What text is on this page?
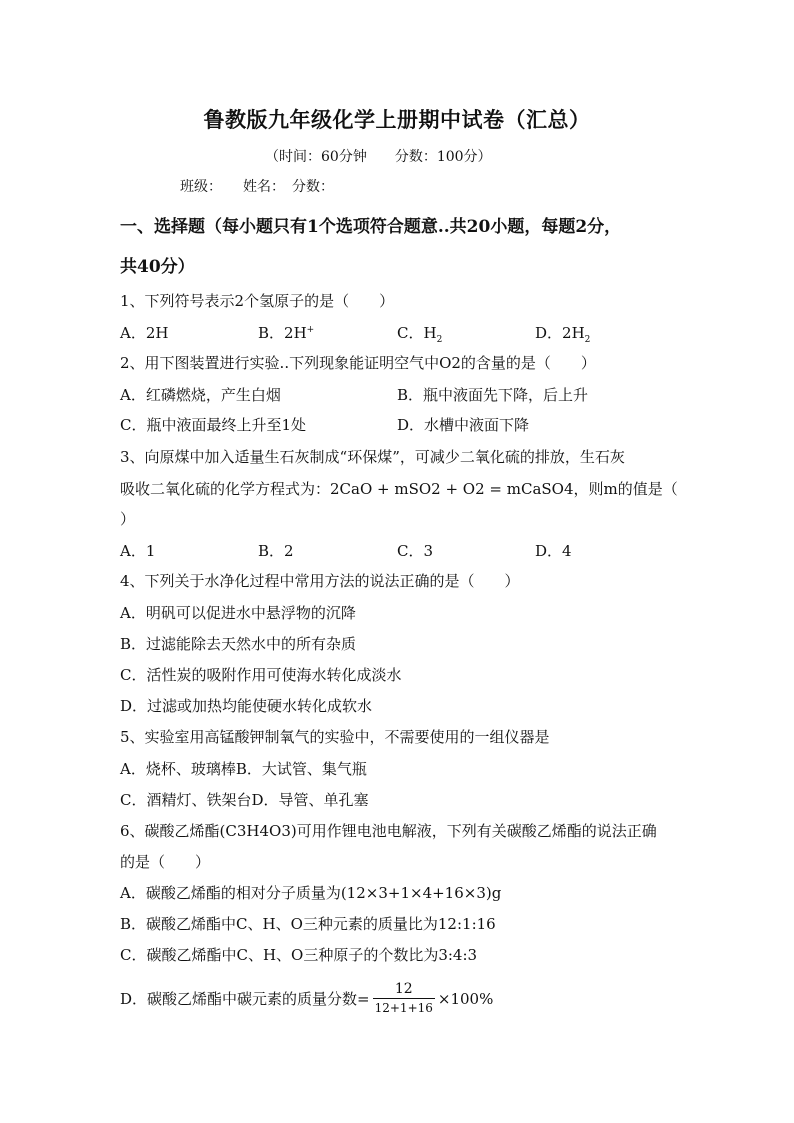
鲁教版九年级化学上册期中试卷（汇总）
（时间：60分钟　　分数：100分）
班级：　　姓名：　分数：
一、选择题（每小题只有1个选项符合题意..共20小题，每题2分，
共40分）
1、下列符号表示2个氢原子的是（　　）
A．2H	B．2H+	C．$H_2$	D．$2H_2$
2、用下图装置进行实验..下列现象能证明空气中O2的含量的是（　　）
A．红磷燃烧，产生白烟	B．瓶中液面先下降，后上升
C．瓶中液面最终上升至1处	D．水槽中液面下降
3、向原煤中加入适量生石灰制成“环保煤”，可减少二氧化硫的排放，生石灰
吸收二氧化硫的化学方程式为：2CaO + mSO2 + O2 = mCaSO4，则m的值是（
）
A．1	B．2	C．3	D．4
4、下列关于水净化过程中常用方法的说法正确的是（　　）
A．明矾可以促进水中悬浮物的沉降
B．过滤能除去天然水中的所有杂质
C．活性炭的吸附作用可使海水转化成淡水
D．过滤或加热均能使硬水转化成软水
5、实验室用高锰酸钾制氧气的实验中，不需要使用的一组仪器是
A．烧杯、玻璃棒B．大试管、集气瓶
C．酒精灯、铁架台D．导管、单孔塞
6、碳酸乙烯酯(C3H4O3)可用作锂电池电解液，下列有关碳酸乙烯酯的说法正确
的是（　　）
A．碳酸乙烯酯的相对分子质量为(12×3+1×4+16×3)g
B．碳酸乙烯酯中C、H、O三种元素的质量比为12:1:16
C．碳酸乙烯酯中C、H、O三种原子的个数比为3:4:3
D．碳酸乙烯酯中碳元素的质量分数= $\frac{12}{12+1+16} \times 100\%$
